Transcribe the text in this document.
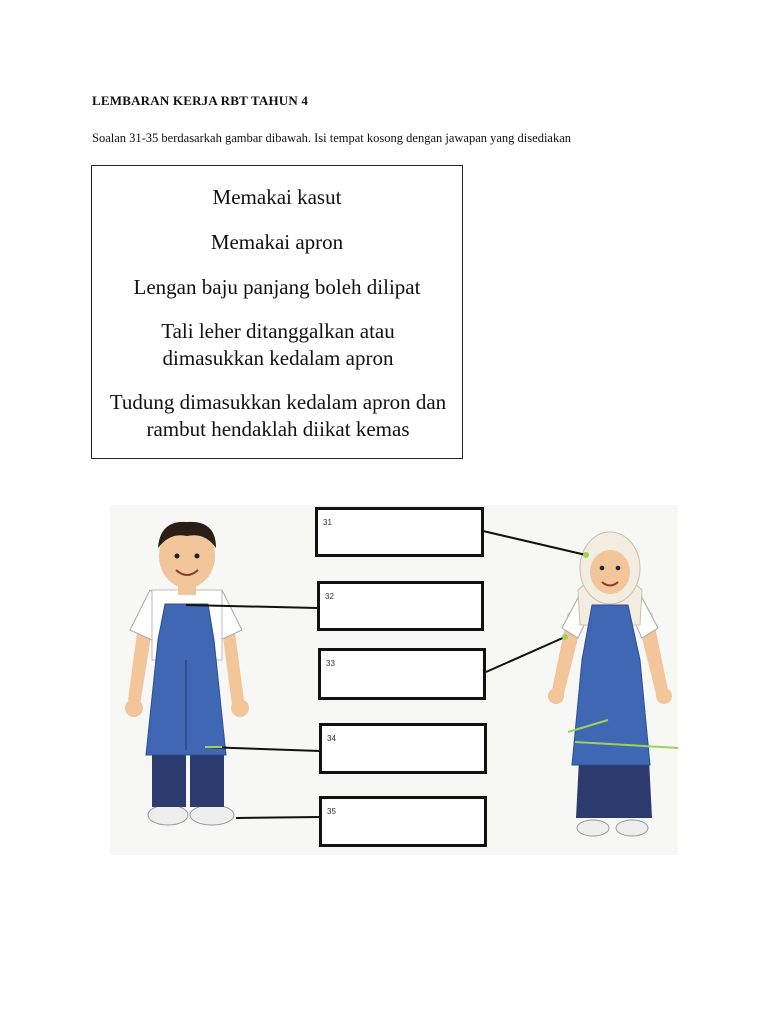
LEMBARAN KERJA RBT TAHUN 4
Soalan 31-35 berdasarkah gambar dibawah. Isi tempat kosong dengan jawapan yang disediakan
Memakai kasut
Memakai apron
Lengan baju panjang boleh dilipat
Tali leher ditanggalkan atau dimasukkan kedalam apron
Tudung dimasukkan kedalam apron dan rambut hendaklah diikat kemas
31
32
33
34
35
